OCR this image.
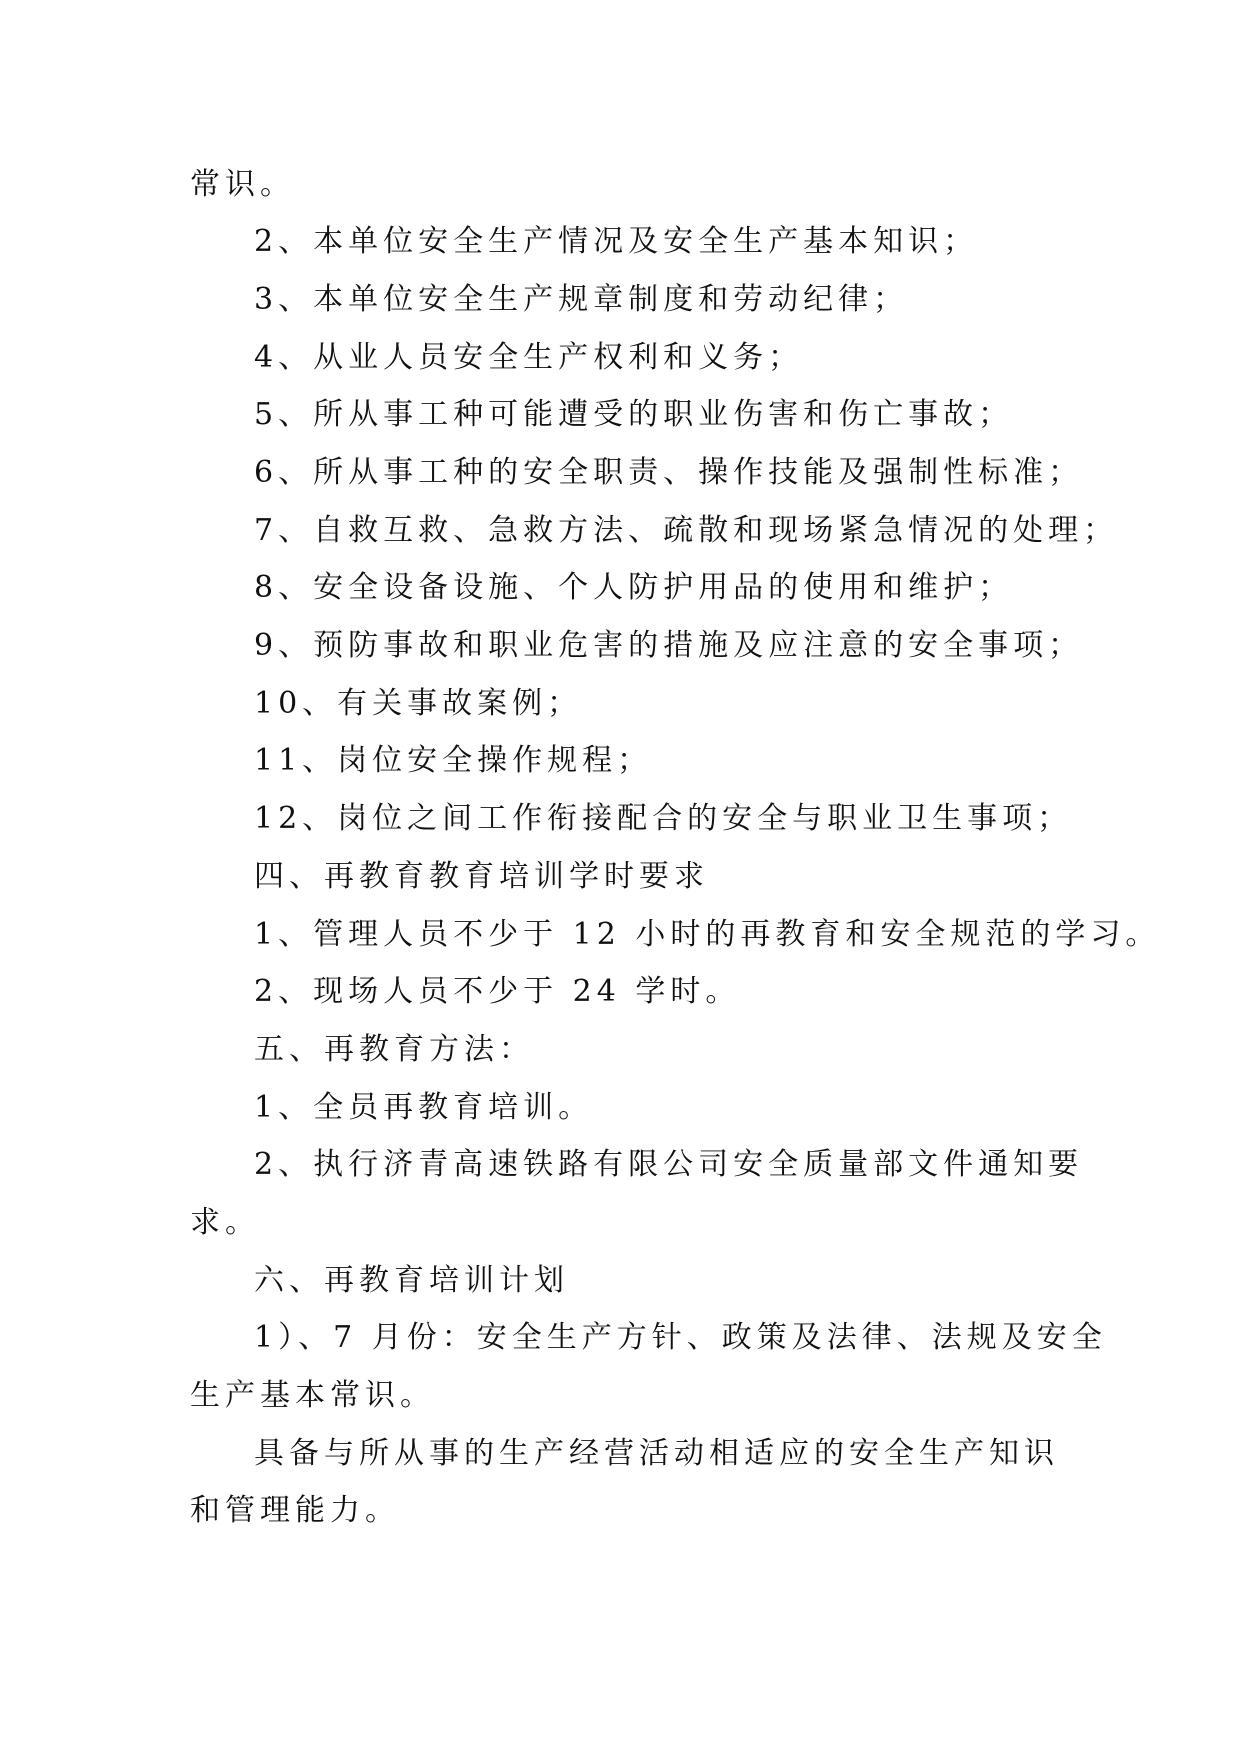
常识。
2、本单位安全生产情况及安全生产基本知识；
3、本单位安全生产规章制度和劳动纪律；
4、从业人员安全生产权利和义务；
5、所从事工种可能遭受的职业伤害和伤亡事故；
6、所从事工种的安全职责、操作技能及强制性标准；
7、自救互救、急救方法、疏散和现场紧急情况的处理；
8、安全设备设施、个人防护用品的使用和维护；
9、预防事故和职业危害的措施及应注意的安全事项；
10、有关事故案例；
11、岗位安全操作规程；
12、岗位之间工作衔接配合的安全与职业卫生事项；
四、再教育教育培训学时要求
1、管理人员不少于 12 小时的再教育和安全规范的学习。
2、现场人员不少于 24 学时。
五、再教育方法：
1、全员再教育培训。
2、执行济青高速铁路有限公司安全质量部文件通知要
求。
六、再教育培训计划
1）、7 月份：安全生产方针、政策及法律、法规及安全
生产基本常识。
具备与所从事的生产经营活动相适应的安全生产知识
和管理能力。
